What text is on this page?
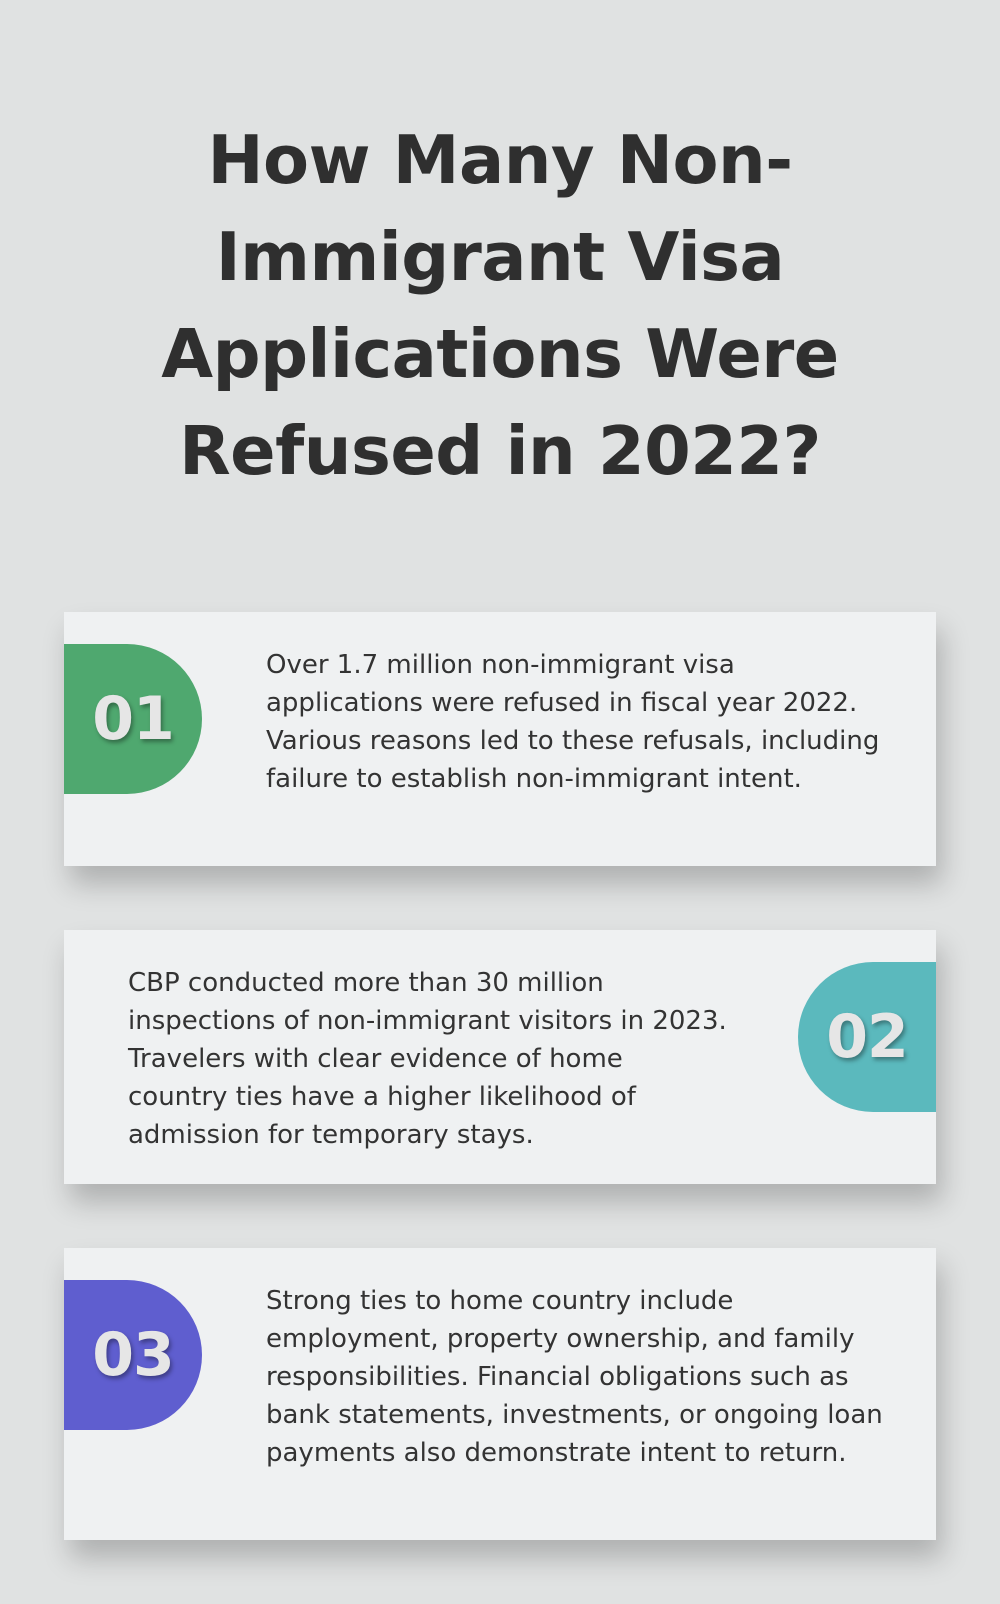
How Many Non-Immigrant Visa Applications Were Refused in 2022?
01

Over 1.7 million non-immigrant visa applications were refused in fiscal year 2022. Various reasons led to these refusals, including failure to establish non-immigrant intent.

CBP conducted more than 30 million inspections of non-immigrant visitors in 2023. Travelers with clear evidence of home country ties have a higher likelihood of admission for temporary stays.

02
03

Strong ties to home country include employment, property ownership, and family responsibilities. Financial obligations such as bank statements, investments, or ongoing loan payments also demonstrate intent to return.
